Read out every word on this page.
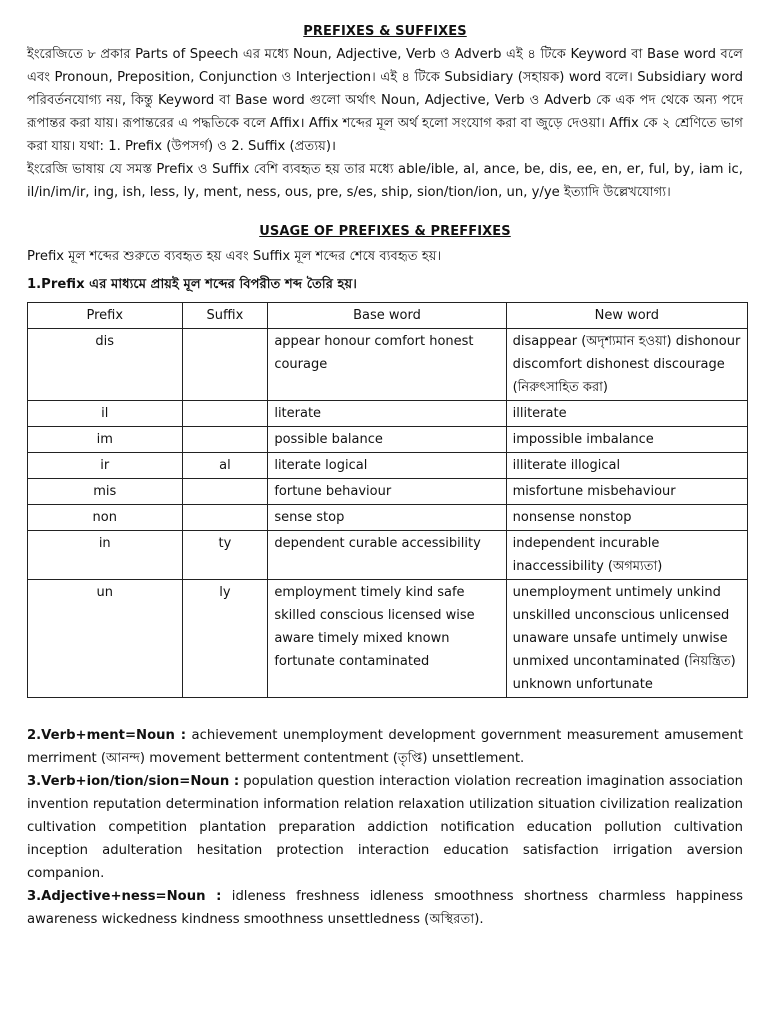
PREFIXES & SUFFIXES

ইংরেজিতে ৮ প্রকার Parts of Speech এর মধ্যে Noun, Adjective, Verb ও Adverb এই ৪ টিকে Keyword বা Base word বলে এবং Pronoun, Preposition, Conjunction ও Interjection। এই ৪ টিকে Subsidiary (সহায়ক) word বলে। Subsidiary word পরিবর্তনযোগ্য নয়, কিন্তু Keyword বা Base word গুলো অর্থাৎ Noun, Adjective, Verb ও Adverb কে এক পদ থেকে অন্য পদে রূপান্তর করা যায়। রূপান্তরের এ পদ্ধতিকে বলে Affix। Affix শব্দের মূল অর্থ হলো সংযোগ করা বা জুড়ে দেওয়া। Affix কে ২ শ্রেণিতে ভাগ করা যায়। যথা: 1. Prefix (উপসর্গ) ও 2. Suffix (প্রত্যয়)।

ইংরেজি ভাষায় যে সমস্ত Prefix ও Suffix বেশি ব্যবহৃত হয় তার মধ্যে able/ible, al, ance, be, dis, ee, en, er, ful, by, iam ic, il/in/im/ir, ing, ish, less, ly, ment, ness, ous, pre, s/es, ship, sion/tion/ion, un, y/ye ইত্যাদি উল্লেখযোগ্য।

USAGE OF PREFIXES & PREFFIXES

Prefix মূল শব্দের শুরুতে ব্যবহৃত হয় এবং Suffix মূল শব্দের শেষে ব্যবহৃত হয়।

1.Prefix এর মাধ্যমে প্রায়ই মূল শব্দের বিপরীত শব্দ তৈরি হয়।
Prefix	Suffix	Base word	New word
dis		appear honour comfort honest courage	disappear (অদৃশ্যমান হওয়া) dishonour discomfort dishonest discourage (নিরুৎসাহিত করা)
il		literate	illiterate
im		possible balance	impossible imbalance
ir	al	literate logical	illiterate illogical
mis		fortune behaviour	misfortune misbehaviour
non		sense stop	nonsense nonstop
in	ty	dependent curable accessibility	independent incurable inaccessibility (অগম্যতা)
un	ly	employment timely kind safe skilled conscious licensed wise aware timely mixed known fortunate contaminated	unemployment untimely unkind unskilled unconscious unlicensed unaware unsafe untimely unwise unmixed uncontaminated (নিয়ন্ত্রিত) unknown unfortunate

2.Verb+ment=Noun : achievement unemployment development government measurement amusement merriment (আনন্দ) movement betterment contentment (তৃপ্তি) unsettlement.

3.Verb+ion/tion/sion=Noun : population question interaction violation recreation imagination association invention reputation determination information relation relaxation utilization situation civilization realization cultivation competition plantation preparation addiction notification education pollution cultivation inception adulteration hesitation protection interaction education satisfaction irrigation aversion companion.

3.Adjective+ness=Noun : idleness freshness idleness smoothness shortness charmless happiness awareness wickedness kindness smoothness unsettledness (অস্থিরতা).
